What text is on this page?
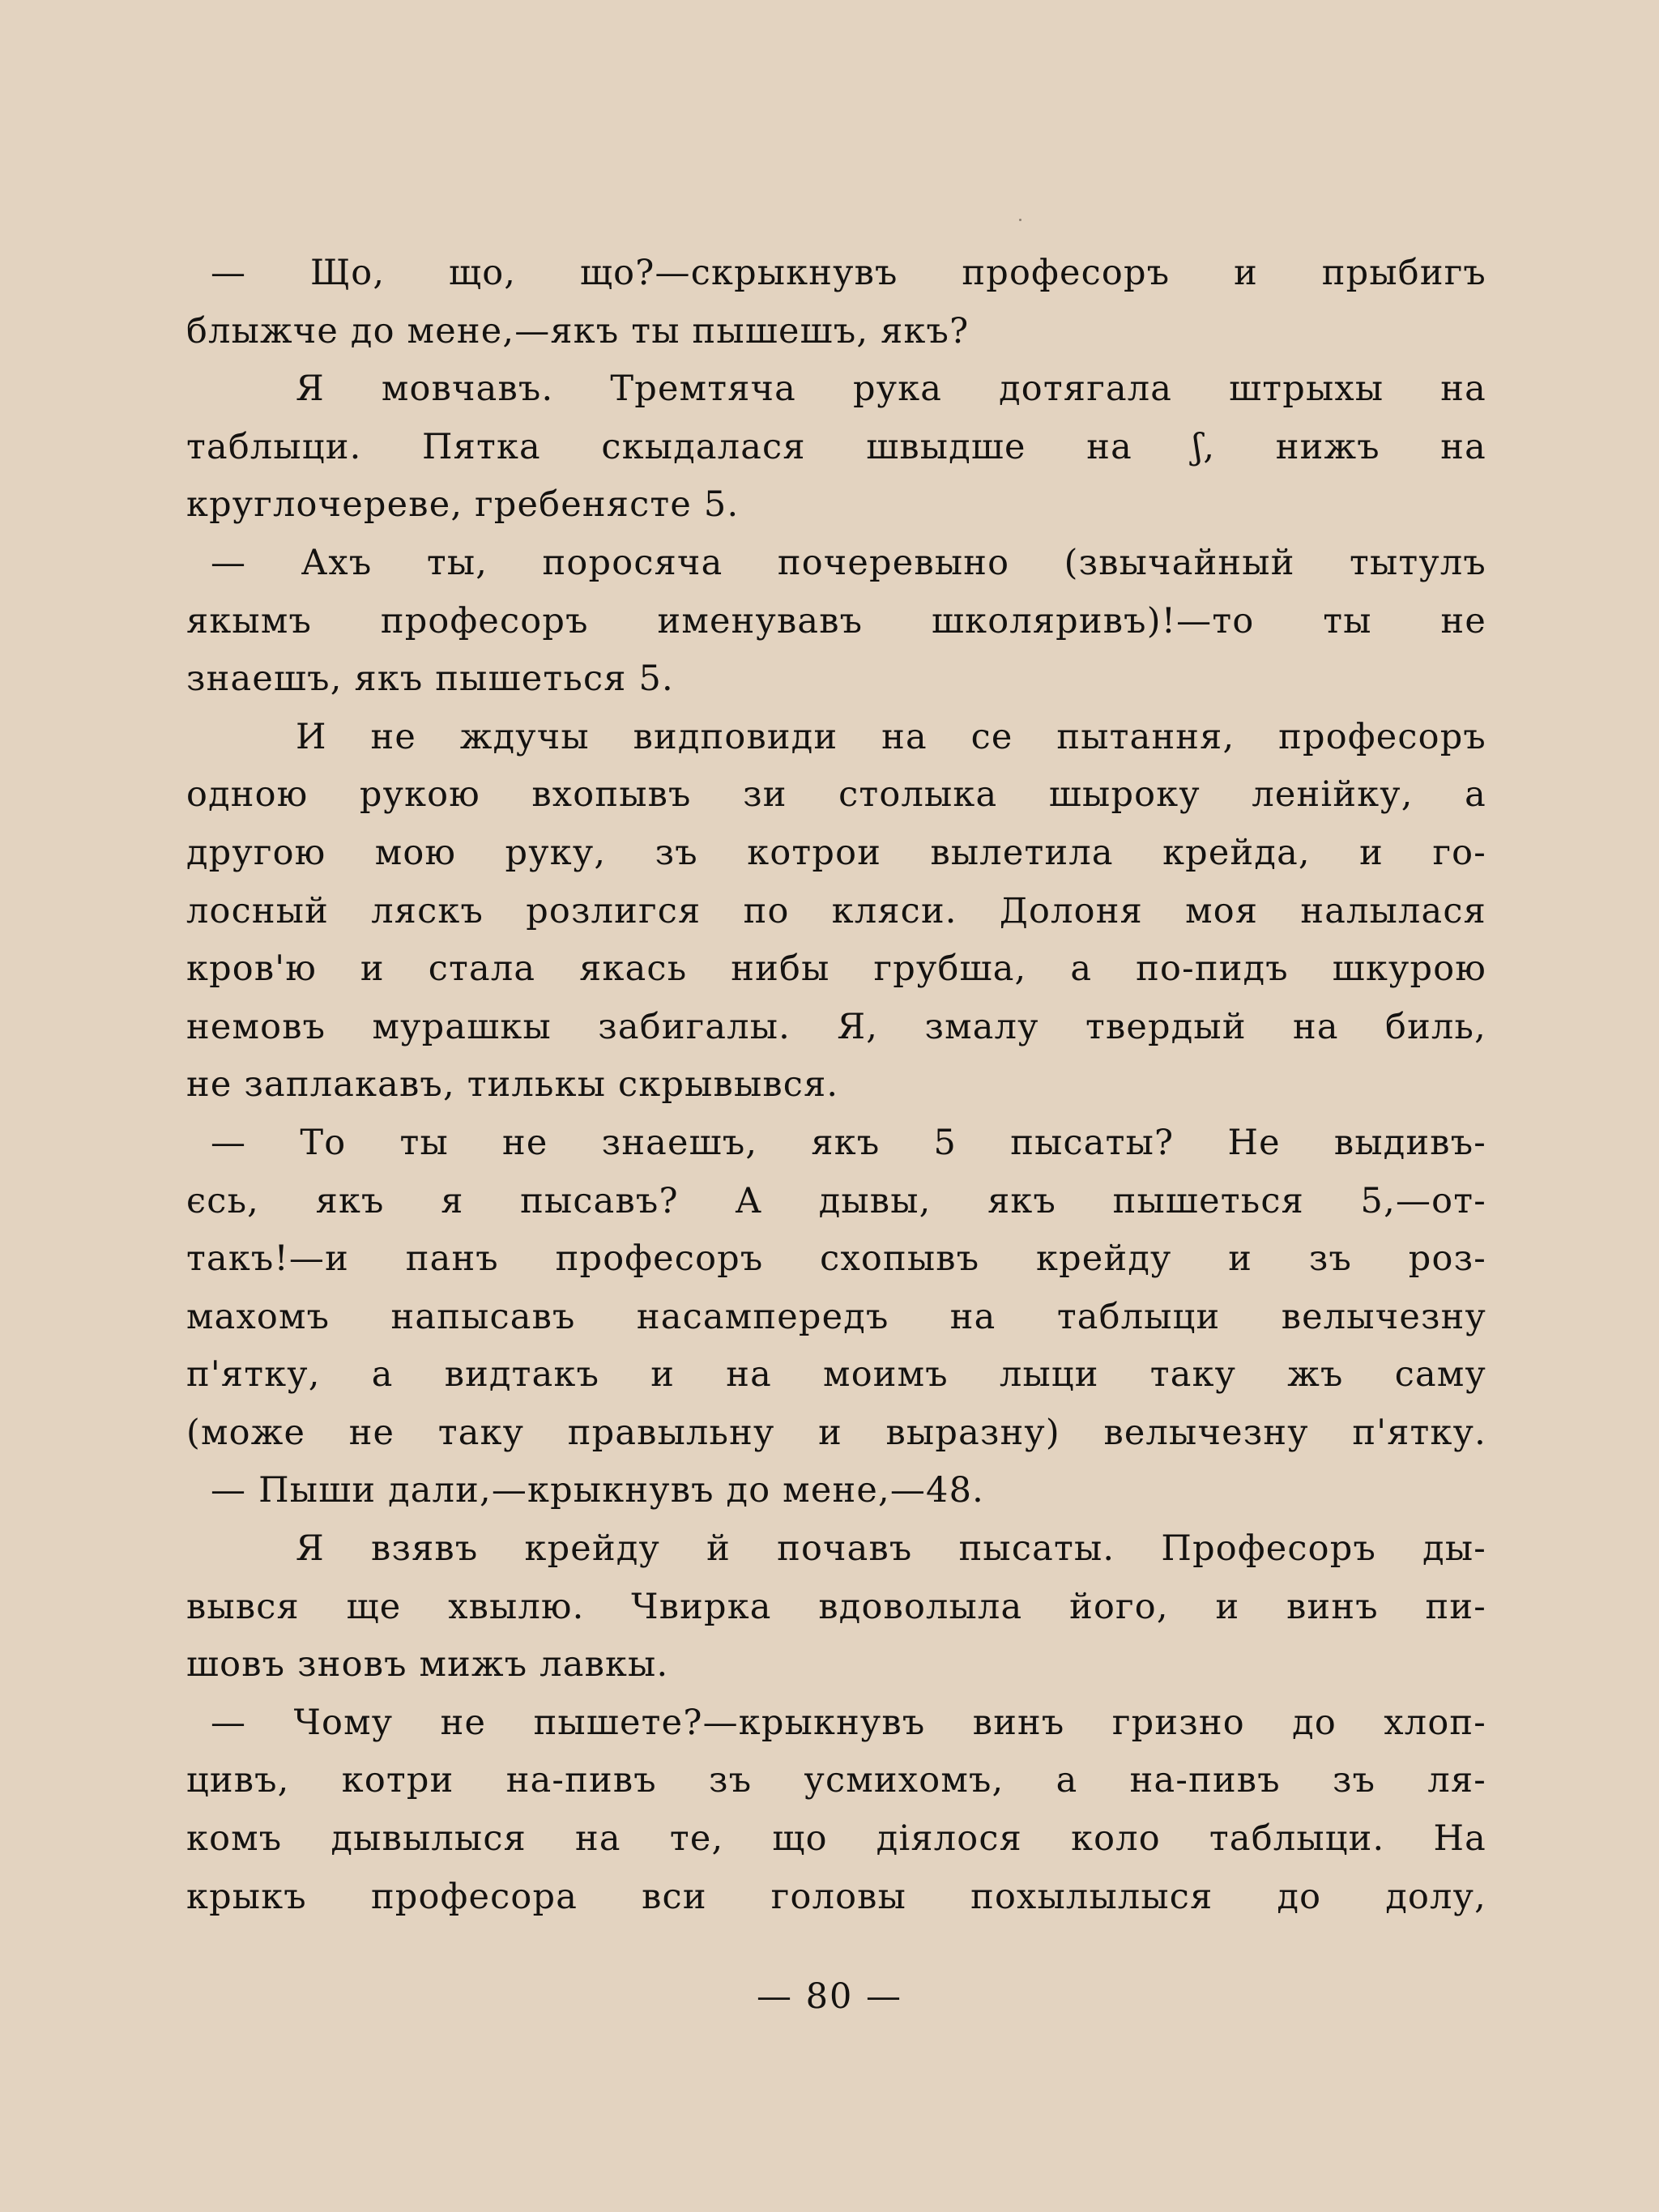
— Що, що, що?—скрыкнувъ професоръ и прыбигъ
блыжче до мене,—якъ ты пышешъ, якъ?
Я мовчавъ. Тремтяча рука дотягала штрыхы на
таблыци. Пятка скыдалася швыдше на ʃ, нижъ на
круглочереве, гребеняcте 5.
— Ахъ ты, поросяча почеревыно (звычайный тытулъ
якымъ професоръ именувавъ школяривъ)!—то ты не
знаешъ, якъ пышеться 5.
И не ждучы видповиди на се пытання, професоръ
одною рукою вхопывъ зи столыка шыроку ленійку, а
другою мою руку, зъ котрои вылетила крейда, и го-
лосный ляскъ розлигся по кляси. Долоня моя налылася
кров'ю и стала якась нибы грубша, а по-пидъ шкурою
немовъ мурашкы забигалы. Я, змалу твердый на биль,
не заплакавъ, тилькы скрывывся.
— То ты не знаешъ, якъ 5 пысаты? Не выдивъ-
єсь, якъ я пысавъ? А дывы, якъ пышеться 5,—от-
такъ!—и панъ професоръ схопывъ крейду и зъ роз-
махомъ напысавъ насамперeдъ на таблыци велычезну
п'ятку, а видтакъ и на моимъ лыци таку жъ саму
(може не таку правыльну и выразну) велычезну п'ятку.
— Пыши дали,—крыкнувъ до мене,—48.
Я взявъ крейду й почавъ пысаты. Професоръ ды-
вывся ще хвылю. Чвирка вдоволыла його, и винъ пи-
шовъ зновъ мижъ лавкы.
— Чому не пышете?—крыкнувъ винъ гризно до хлоп-
цивъ, котри на-пивъ зъ усмихомъ, а на-пивъ зъ ля-
комъ дывылыся на те, що діялося коло таблыци. На
крыкъ професора вси головы похылылыся до долу,
— 80 —
